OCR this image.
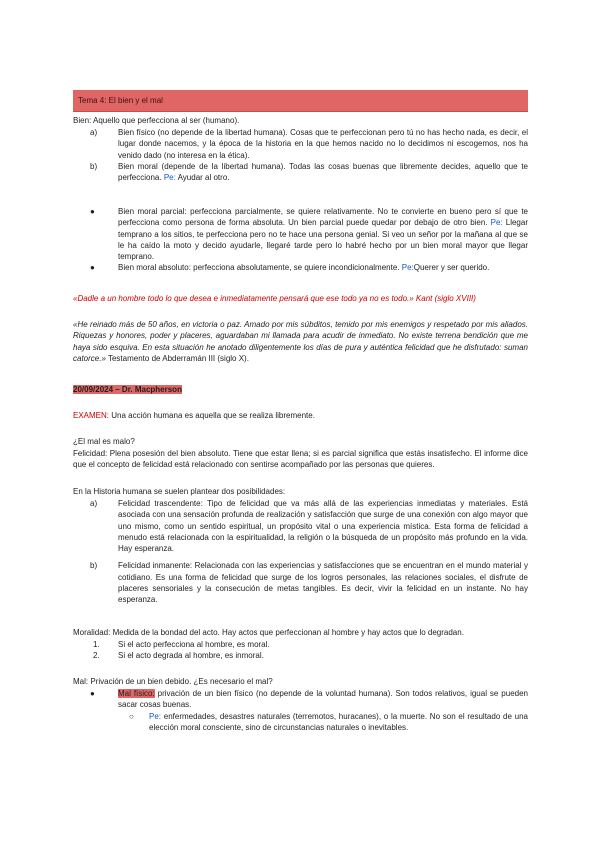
Tema 4: El bien y el mal

Bien: Aquello que perfecciona al ser (humano).

a)	Bien físico (no depende de la libertad humana). Cosas que te perfeccionan pero tú no has hecho nada, es decir, el lugar donde nacemos, y la época de la historia en la que hemos nacido no lo decidimos ni escogemos, nos ha venido dado (no interesa en la ética).
b)	Bien moral (depende de la libertad humana). Todas las cosas buenas que libremente decides, aquello que te perfecciona. Pe: Ayudar al otro.
●	Bien moral parcial: perfecciona parcialmente, se quiere relativamente. No te convierte en bueno pero sí que te perfecciona como persona de forma absoluta. Un bien parcial puede quedar por debajo de otro bien. Pe: Llegar temprano a los sitios, te perfecciona pero no te hace una persona genial. Si veo un señor por la mañana al que se le ha caído la moto y decido ayudarle, llegaré tarde pero lo habré hecho por un bien moral mayor que llegar temprano.
●	Bien moral absoluto: perfecciona absolutamente, se quiere incondicionalmente. Pe:Querer y ser querido.

«Dadle a un hombre todo lo que desea e inmediatamente pensará que ese todo ya no es todo.» Kant (siglo XVIII)

«He reinado más de 50 años, en victoria o paz. Amado por mis súbditos, temido por mis enemigos y respetado por mis aliados. Riquezas y honores, poder y placeres, aguardaban mi llamada para acudir de inmediato. No existe terrena bendición que me haya sido esquiva. En esta situación he anotado diligentemente los días de pura y auténtica felicidad que he disfrutado: suman catorce.» Testamento de Abderramán III (siglo X).

20/09/2024 – Dr. Macpherson

EXAMEN: Una acción humana es aquella que se realiza libremente.

¿El mal es malo?

Felicidad: Plena posesión del bien absoluto. Tiene que estar llena; si es parcial significa que estás insatisfecho. El informe dice que el concepto de felicidad está relacionado con sentirse acompañado por las personas que quieres.

En la Historia humana se suelen plantear dos posibilidades:

a)	Felicidad trascendente: Tipo de felicidad que va más allá de las experiencias inmediatas y materiales. Está asociada con una sensación profunda de realización y satisfacción que surge de una conexión con algo mayor que uno mismo, como un sentido espiritual, un propósito vital o una experiencia mística. Esta forma de felicidad a menudo está relacionada con la espiritualidad, la religión o la búsqueda de un propósito más profundo en la vida. Hay esperanza.
b)	Felicidad inmanente: Relacionada con las experiencias y satisfacciones que se encuentran en el mundo material y cotidiano. Es una forma de felicidad que surge de los logros personales, las relaciones sociales, el disfrute de placeres sensoriales y la consecución de metas tangibles. Es decir, vivir la felicidad en un instante. No hay esperanza.

Moralidad: Medida de la bondad del acto. Hay actos que perfeccionan al hombre y hay actos que lo degradan.

1. Si el acto perfecciona al hombre, es moral.
2. Si el acto degrada al hombre, es inmoral.

Mal: Privación de un bien debido. ¿Es necesario el mal?

●	Mal físico: privación de un bien físico (no depende de la voluntad humana). Son todos relativos, igual se pueden sacar cosas buenas.
○ Pe: enfermedades, desastres naturales (terremotos, huracanes), o la muerte. No son el resultado de una elección moral consciente, sino de circunstancias naturales o inevitables.
